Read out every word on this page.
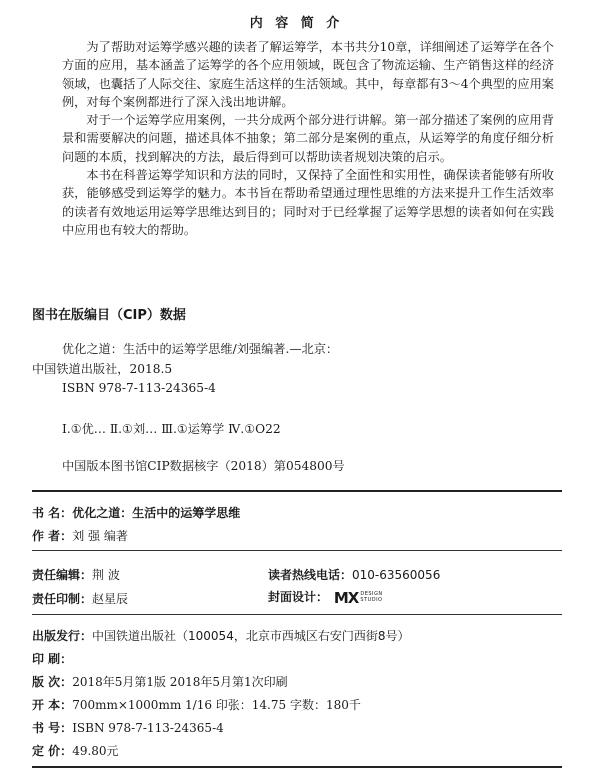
内 容 简 介

为了帮助对运筹学感兴趣的读者了解运筹学，本书共分10章，详细阐述了运筹学在各个方面的应用，基本涵盖了运筹学的各个应用领域，既包含了物流运输、生产销售这样的经济领域，也囊括了人际交往、家庭生活这样的生活领域。其中，每章都有3～4个典型的应用案例，对每个案例都进行了深入浅出地讲解。

对于一个运筹学应用案例，一共分成两个部分进行讲解。第一部分描述了案例的应用背景和需要解决的问题，描述具体不抽象；第二部分是案例的重点，从运筹学的角度仔细分析问题的本质，找到解决的方法，最后得到可以帮助读者规划决策的启示。

本书在科普运筹学知识和方法的同时，又保持了全面性和实用性，确保读者能够有所收获，能够感受到运筹学的魅力。本书旨在帮助希望通过理性思维的方法来提升工作生活效率的读者有效地运用运筹学思维达到目的；同时对于已经掌握了运筹学思想的读者如何在实践中应用也有较大的帮助。

图书在版编目（CIP）数据
优化之道：生活中的运筹学思维/刘强编著.—北京：
中国铁道出版社，2018.5
ISBN 978-7-113-24365-4
Ⅰ.①优… Ⅱ.①刘… Ⅲ.①运筹学 Ⅳ.①O22
中国版本图书馆CIP数据核字（2018）第054800号
书 名：优化之道：生活中的运筹学思维
作 者：刘 强 编著
责任编辑：荆 波	读者热线电话：010-63560056
责任印制：赵星辰	封面设计： MX DESIGN
STUDIO
出版发行：中国铁道出版社（100054，北京市西城区右安门西街8号）
印 刷：
版 次：2018年5月第1版 2018年5月第1次印刷
开 本：700mm×1000mm 1/16 印张：14.75 字数：180千
书 号：ISBN 978-7-113-24365-4
定 价：49.80元
